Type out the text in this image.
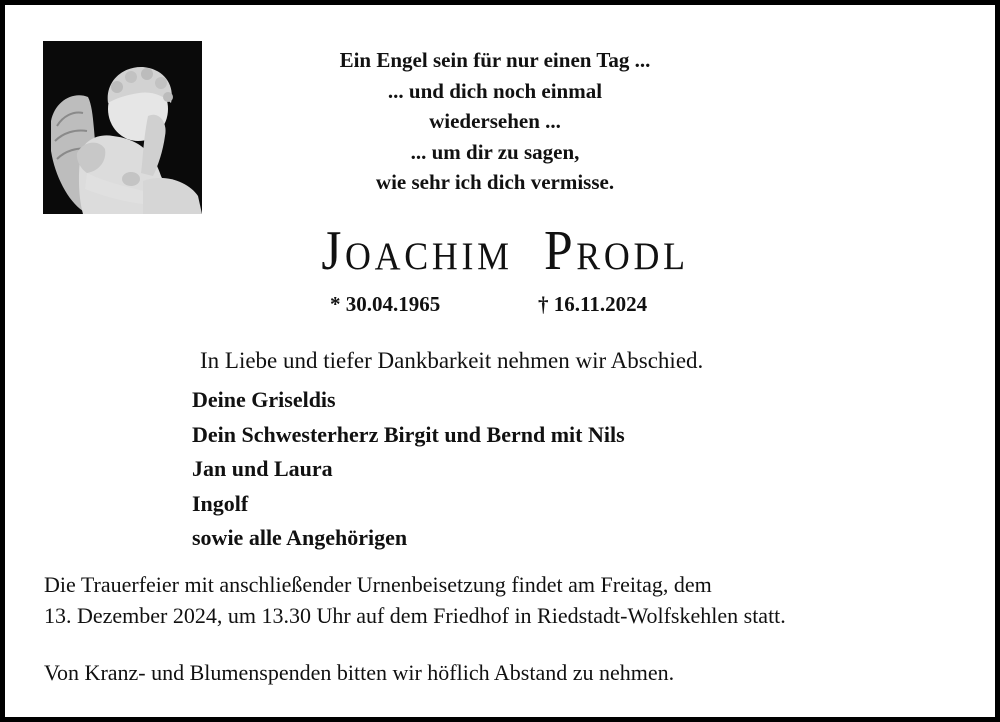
Ein Engel sein für nur einen Tag ...
... und dich noch einmal
wiedersehen ...
... um dir zu sagen,
wie sehr ich dich vermisse.
Joachim Prodl
* 30.04.1965	† 16.11.2024
In Liebe und tiefer Dankbarkeit nehmen wir Abschied.
Deine Griseldis
Dein Schwesterherz Birgit und Bernd mit Nils
Jan und Laura
Ingolf
sowie alle Angehörigen
Die Trauerfeier mit anschließender Urnenbeisetzung findet am Freitag, dem
13. Dezember 2024, um 13.30 Uhr auf dem Friedhof in Riedstadt-Wolfskehlen statt.
Von Kranz- und Blumenspenden bitten wir höflich Abstand zu nehmen.
